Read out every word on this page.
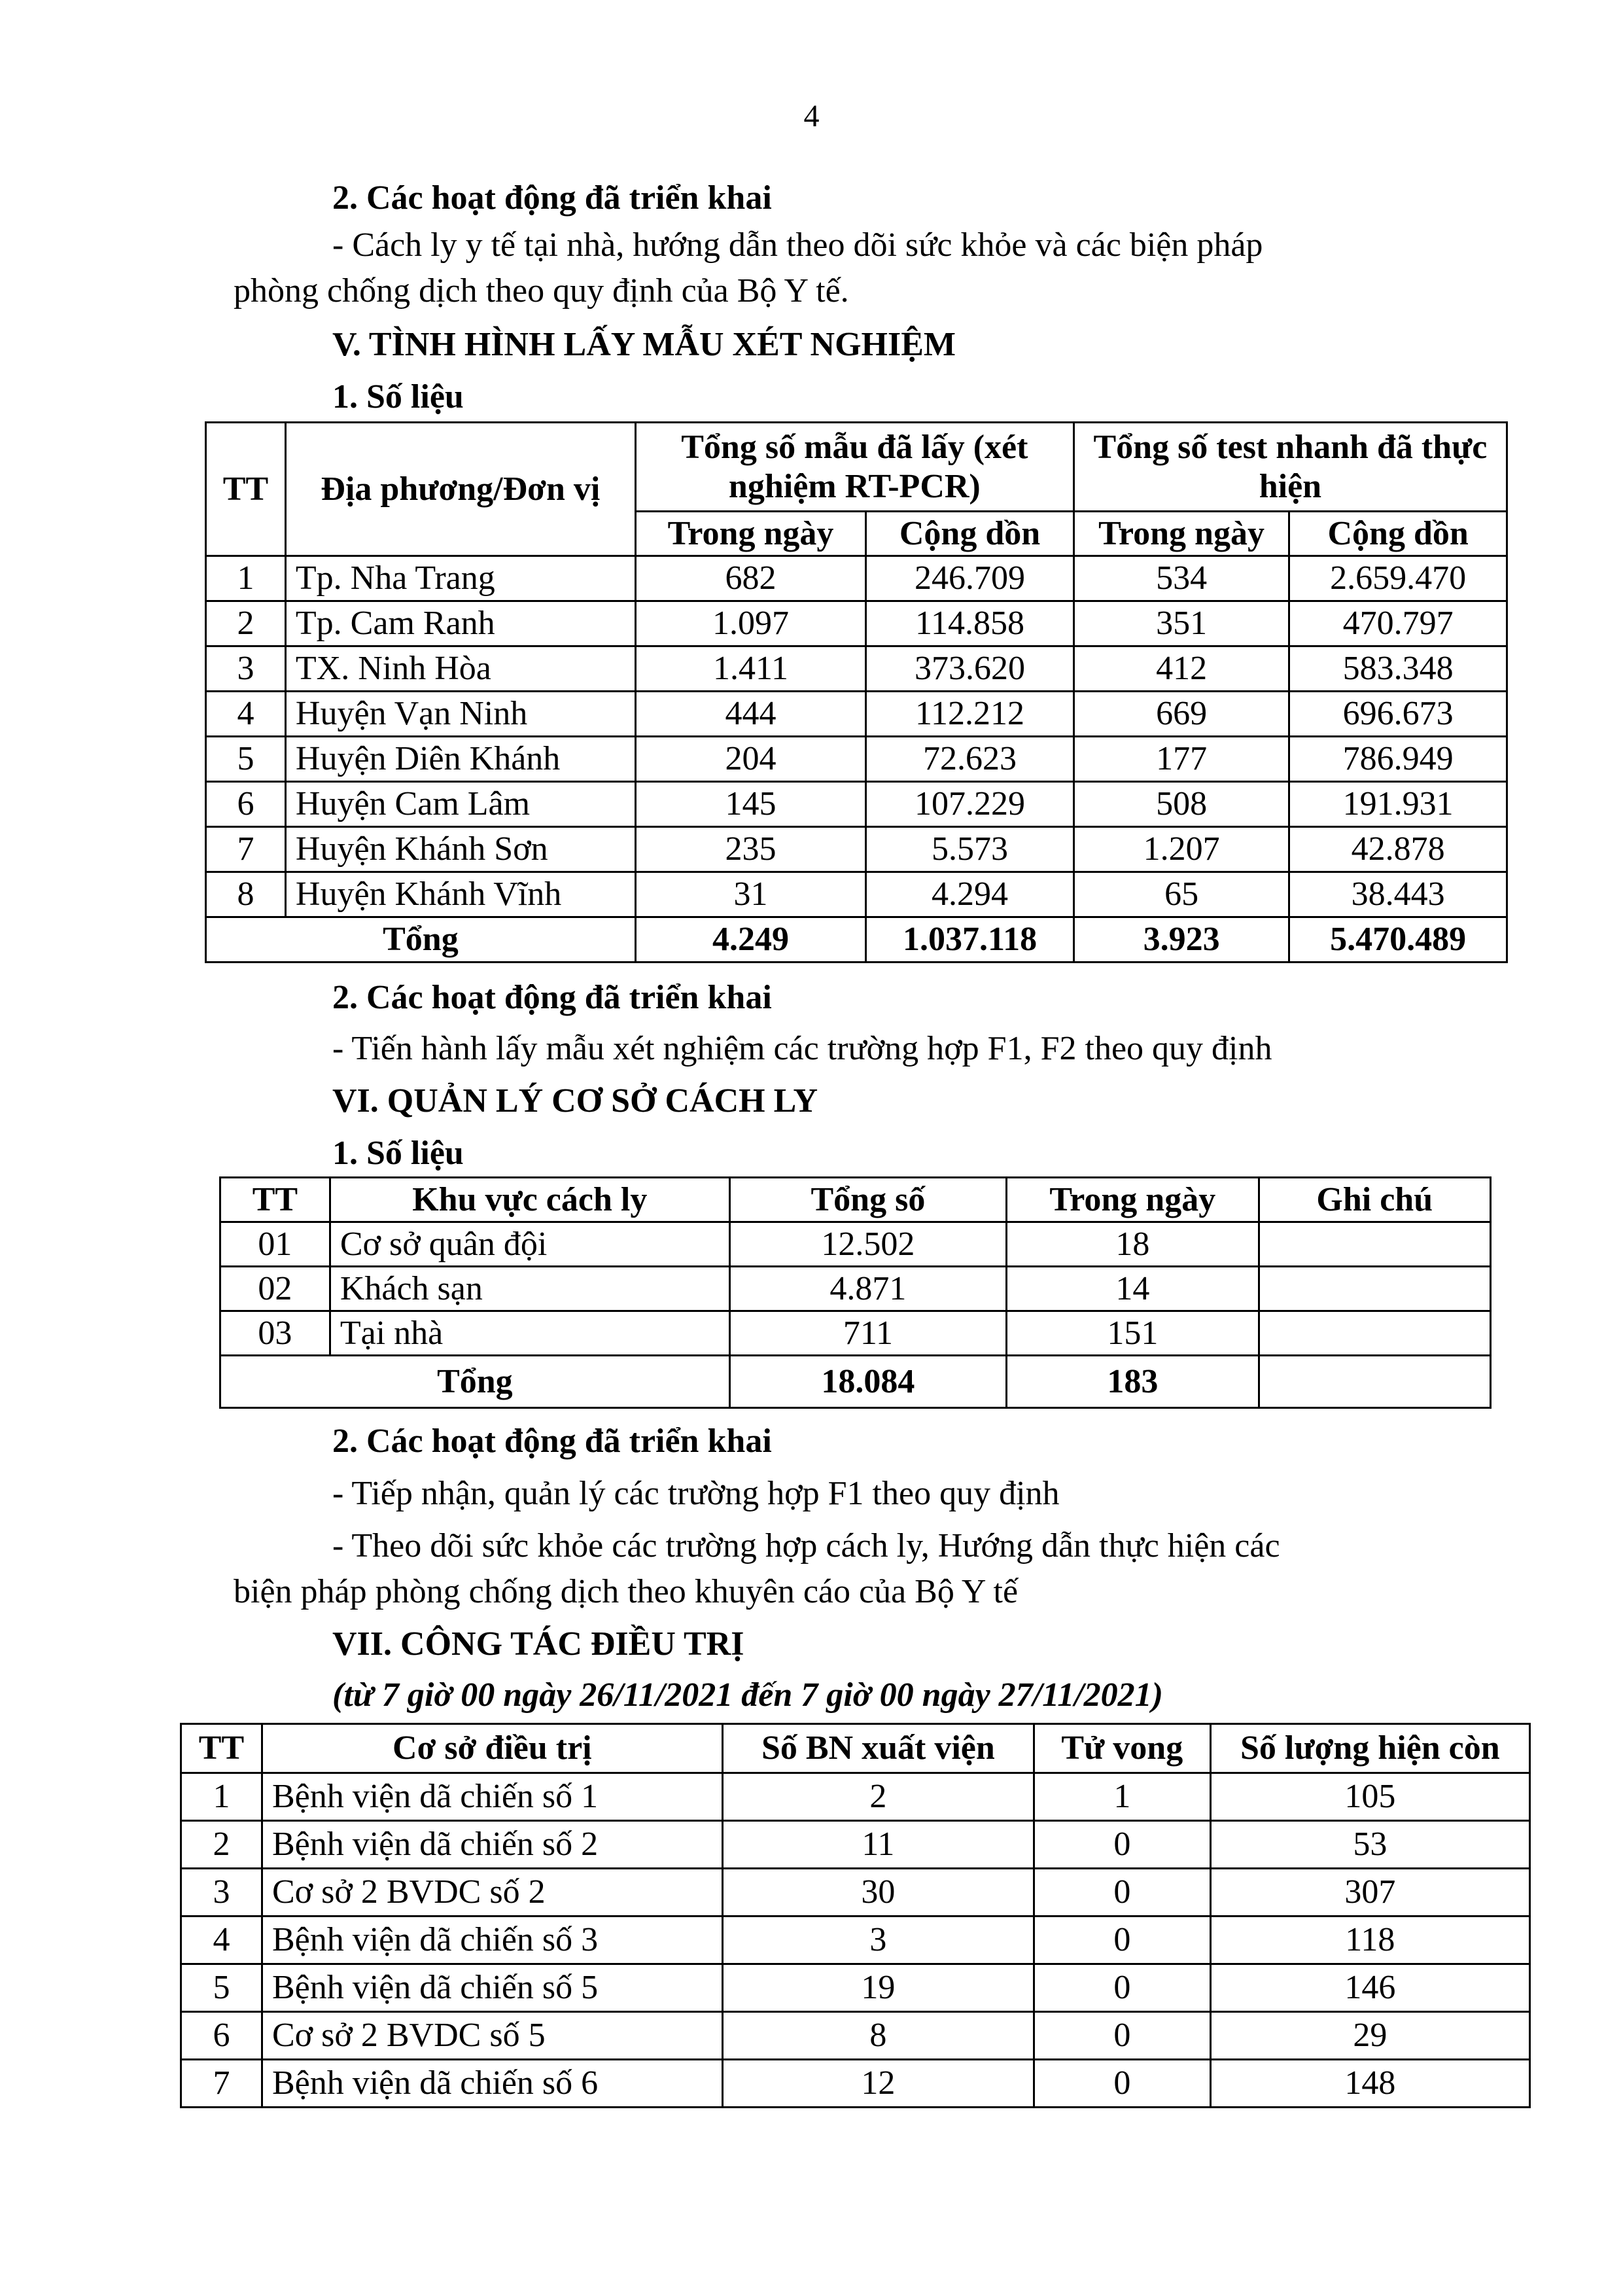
4
2. Các hoạt động đã triển khai
- Cách ly y tế tại nhà, hướng dẫn theo dõi sức khỏe và các biện pháp
phòng chống dịch theo quy định của Bộ Y tế.
V. TÌNH HÌNH LẤY MẪU XÉT NGHIỆM
1. Số liệu
TT	Địa phương/Đơn vị	Tổng số mẫu đã lấy (xét nghiệm RT-PCR)		Tổng số test nhanh đã thực hiện	
		Trong ngày	Cộng dồn	Trong ngày	Cộng dồn
1	Tp. Nha Trang	682	246.709	534	2.659.470
2	Tp. Cam Ranh	1.097	114.858	351	470.797
3	TX. Ninh Hòa	1.411	373.620	412	583.348
4	Huyện Vạn Ninh	444	112.212	669	696.673
5	Huyện Diên Khánh	204	72.623	177	786.949
6	Huyện Cam Lâm	145	107.229	508	191.931
7	Huyện Khánh Sơn	235	5.573	1.207	42.878
8	Huyện Khánh Vĩnh	31	4.294	65	38.443
Tổng		4.249	1.037.118	3.923	5.470.489
2. Các hoạt động đã triển khai
- Tiến hành lấy mẫu xét nghiệm các trường hợp F1, F2 theo quy định
VI. QUẢN LÝ CƠ SỞ CÁCH LY
1. Số liệu
TT	Khu vực cách ly	Tổng số	Trong ngày	Ghi chú
01	Cơ sở quân đội	12.502	18	
02	Khách sạn	4.871	14	
03	Tại nhà	711	151	
Tổng		18.084	183	
2. Các hoạt động đã triển khai
- Tiếp nhận, quản lý các trường hợp F1 theo quy định
- Theo dõi sức khỏe các trường hợp cách ly, Hướng dẫn thực hiện các
biện pháp phòng chống dịch theo khuyên cáo của Bộ Y tế
VII. CÔNG TÁC ĐIỀU TRỊ
(từ 7 giờ 00 ngày 26/11/2021 đến 7 giờ 00 ngày 27/11/2021)
TT	Cơ sở điều trị	Số BN xuất viện	Tử vong	Số lượng hiện còn
1	Bệnh viện dã chiến số 1	2	1	105
2	Bệnh viện dã chiến số 2	11	0	53
3	Cơ sở 2 BVDC số 2	30	0	307
4	Bệnh viện dã chiến số 3	3	0	118
5	Bệnh viện dã chiến số 5	19	0	146
6	Cơ sở 2 BVDC số 5	8	0	29
7	Bệnh viện dã chiến số 6	12	0	148
